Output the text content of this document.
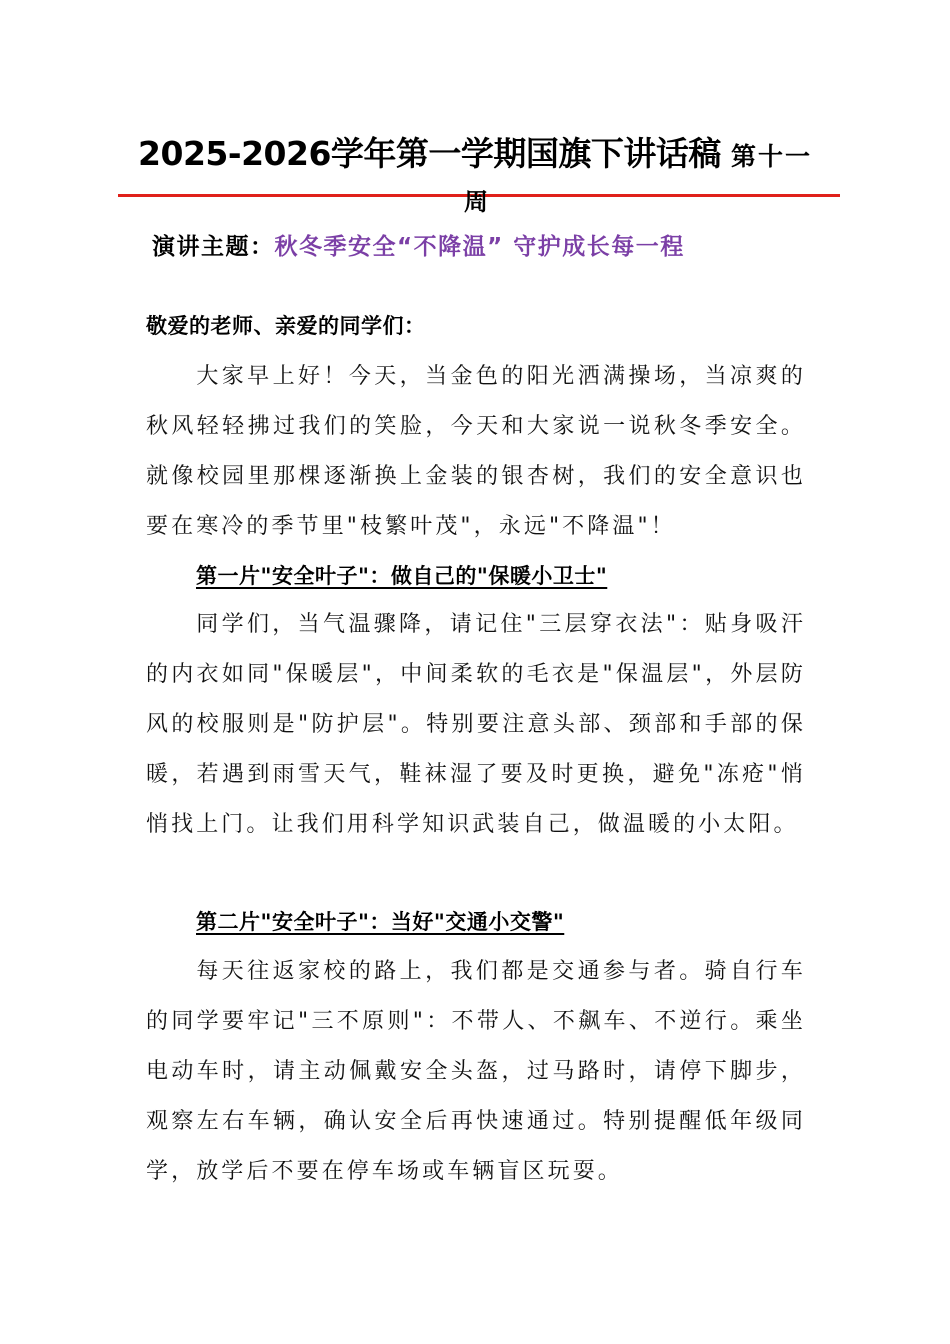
2025-2026学年第一学期国旗下讲话稿 第十一
周
演讲主题：秋冬季安全“不降温” 守护成长每一程
敬爱的老师、亲爱的同学们：

大家早上好！今天，当金色的阳光洒满操场，当凉爽的秋风轻轻拂过我们的笑脸，今天和大家说一说秋冬季安全。就像校园里那棵逐渐换上金装的银杏树，我们的安全意识也要在寒冷的季节里"枝繁叶茂"，永远"不降温"！

第一片"安全叶子"：做自己的"保暖小卫士"

同学们，当气温骤降，请记住"三层穿衣法"：贴身吸汗的内衣如同"保暖层"，中间柔软的毛衣是"保温层"，外层防风的校服则是"防护层"。特别要注意头部、颈部和手部的保暖，若遇到雨雪天气，鞋袜湿了要及时更换，避免"冻疮"悄悄找上门。让我们用科学知识武装自己，做温暖的小太阳。

第二片"安全叶子"：当好"交通小交警"

每天往返家校的路上，我们都是交通参与者。骑自行车的同学要牢记"三不原则"：不带人、不飙车、不逆行。乘坐电动车时，请主动佩戴安全头盔，过马路时，请停下脚步，观察左右车辆，确认安全后再快速通过。特别提醒低年级同学，放学后不要在停车场或车辆盲区玩耍。
